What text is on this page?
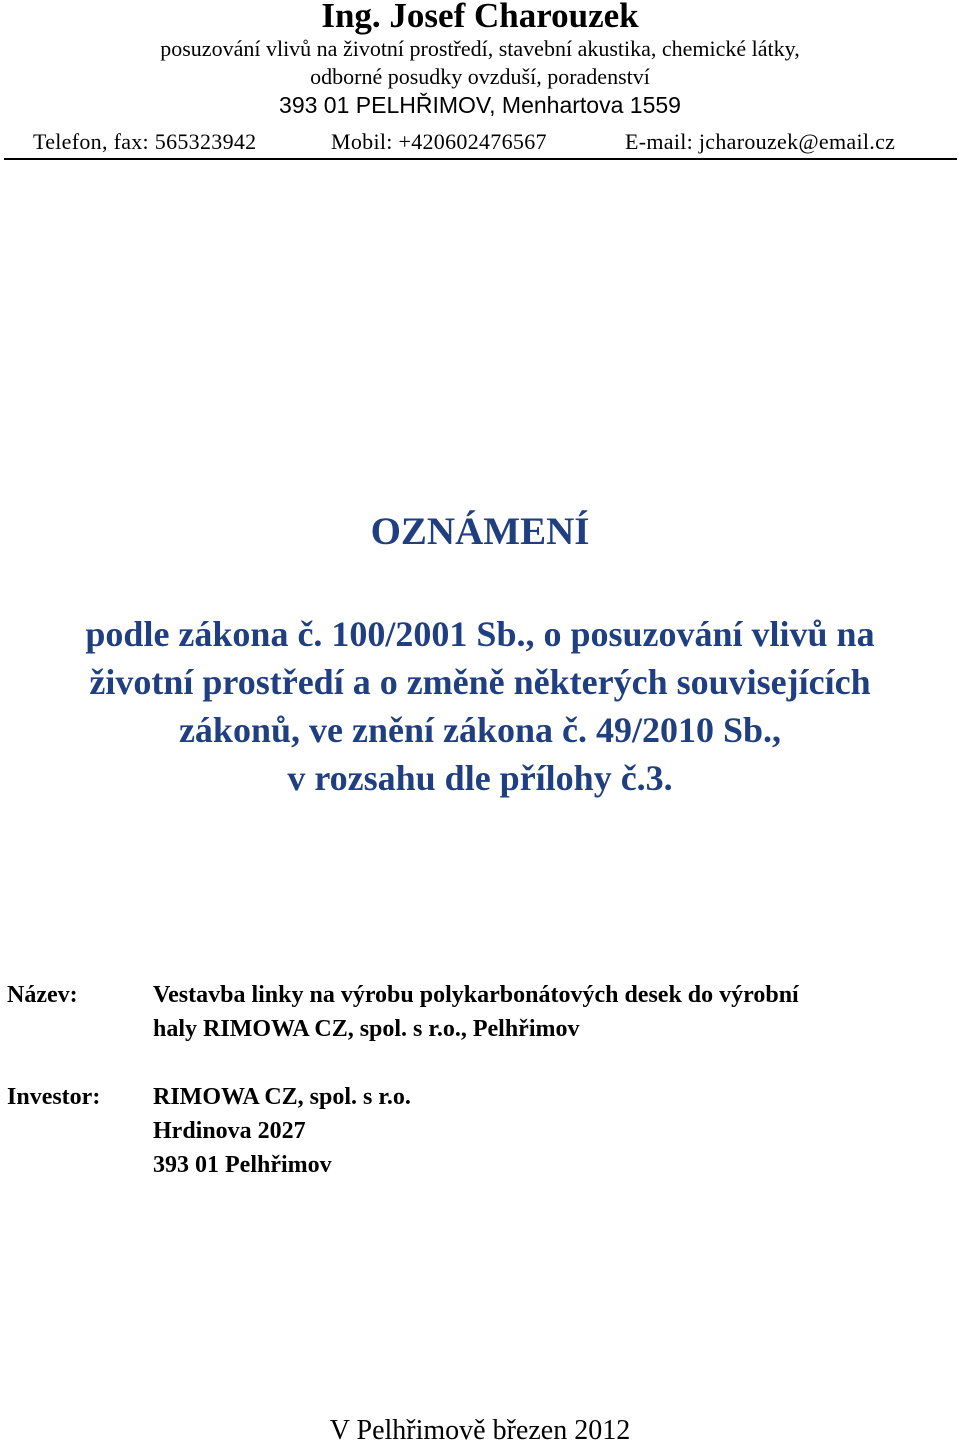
Ing. Josef Charouzek
posuzování vlivů na životní prostředí, stavební akustika, chemické látky,
odborné posudky ovzduší, poradenství
393 01 PELHŘIMOV, Menhartova 1559
Telefon, fax: 565323942	Mobil: +420602476567	E-mail: jcharouzek@email.cz
OZNÁMENÍ
podle zákona č. 100/2001 Sb., o posuzování vlivů na
životní prostředí a o změně některých souvisejících
zákonů, ve znění zákona č. 49/2010 Sb.,
v rozsahu dle přílohy č.3.
Název:	Vestavba linky na výrobu polykarbonátových desek do výrobní
haly RIMOWA CZ, spol. s r.o., Pelhřimov
Investor: RIMOWA CZ, spol. s r.o.
Hrdinova 2027
393 01 Pelhřimov
V Pelhřimově březen 2012
